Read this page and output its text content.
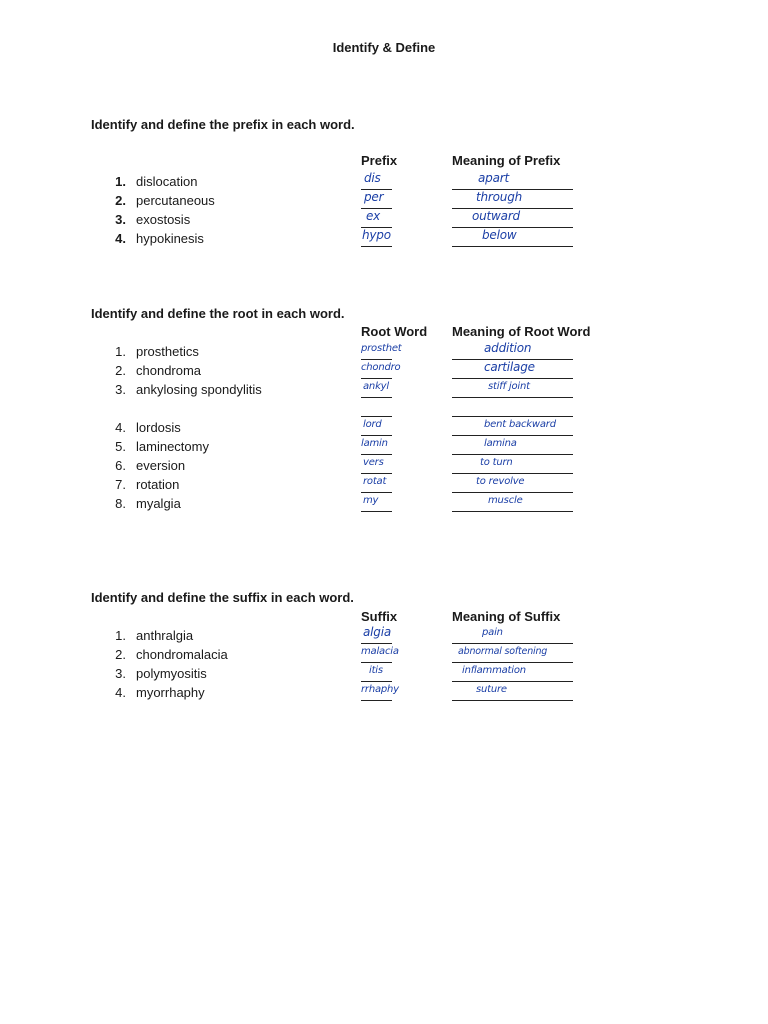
Identify & Define
Identify and define the prefix in each word.
Prefix	Meaning of Prefix
1. dislocation	dis	apart
2. percutaneous	per	through
3. exostosis	ex	outward
4. hypokinesis	hypo	below
Identify and define the root in each word.
Root Word Meaning of Root Word
1. prosthetics	prosthet	addition
2. chondroma	chondro	cartilage
3. ankylosing spondylitis	ankyl	stiff joint
4. lordosis	lord	bent backward
5. laminectomy	lamin	lamina
6. eversion	vers	to turn
7. rotation	rotat	to revolve
8. myalgia	my	muscle
Identify and define the suffix in each word.
Suffix	Meaning of Suffix
1. anthralgia	algia	pain
2. chondromalacia	malacia	abnormal softening
3. polymyositis	itis	inflammation
4. myorrhaphy	rrhaphy	suture
